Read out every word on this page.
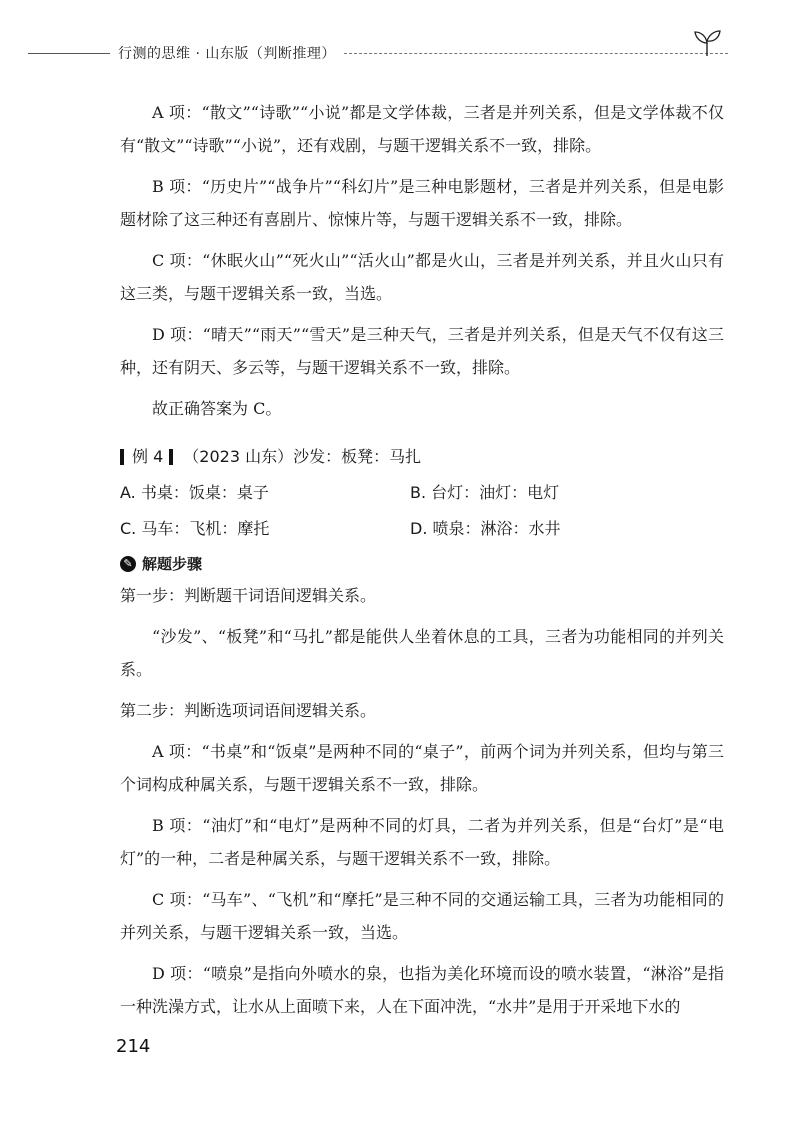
行测的思维 · 山东版（判断推理）

A 项：“散文”“诗歌”“小说”都是文学体裁，三者是并列关系，但是文学体裁不仅有“散文”“诗歌”“小说”，还有戏剧，与题干逻辑关系不一致，排除。

B 项：“历史片”“战争片”“科幻片”是三种电影题材，三者是并列关系，但是电影题材除了这三种还有喜剧片、惊悚片等，与题干逻辑关系不一致，排除。

C 项：“休眠火山”“死火山”“活火山”都是火山，三者是并列关系，并且火山只有这三类，与题干逻辑关系一致，当选。

D 项：“晴天”“雨天”“雪天”是三种天气，三者是并列关系，但是天气不仅有这三种，还有阴天、多云等，与题干逻辑关系不一致，排除。

故正确答案为 C。

例 4 （2023 山东）沙发：板凳：马扎
A. 书桌：饭桌：桌子	B. 台灯：油灯：电灯
C. 马车：飞机：摩托	D. 喷泉：淋浴：水井
✎ 解题步骤

第一步：判断题干词语间逻辑关系。

“沙发”、“板凳”和“马扎”都是能供人坐着休息的工具，三者为功能相同的并列关系。

第二步：判断选项词语间逻辑关系。

A 项：“书桌”和“饭桌”是两种不同的“桌子”，前两个词为并列关系，但均与第三个词构成种属关系，与题干逻辑关系不一致，排除。

B 项：“油灯”和“电灯”是两种不同的灯具，二者为并列关系，但是“台灯”是“电灯”的一种，二者是种属关系，与题干逻辑关系不一致，排除。

C 项：“马车”、“飞机”和“摩托”是三种不同的交通运输工具，三者为功能相同的并列关系，与题干逻辑关系一致，当选。

D 项：“喷泉”是指向外喷水的泉，也指为美化环境而设的喷水装置，“淋浴”是指一种洗澡方式，让水从上面喷下来，人在下面冲洗，“水井”是用于开采地下水的

214
